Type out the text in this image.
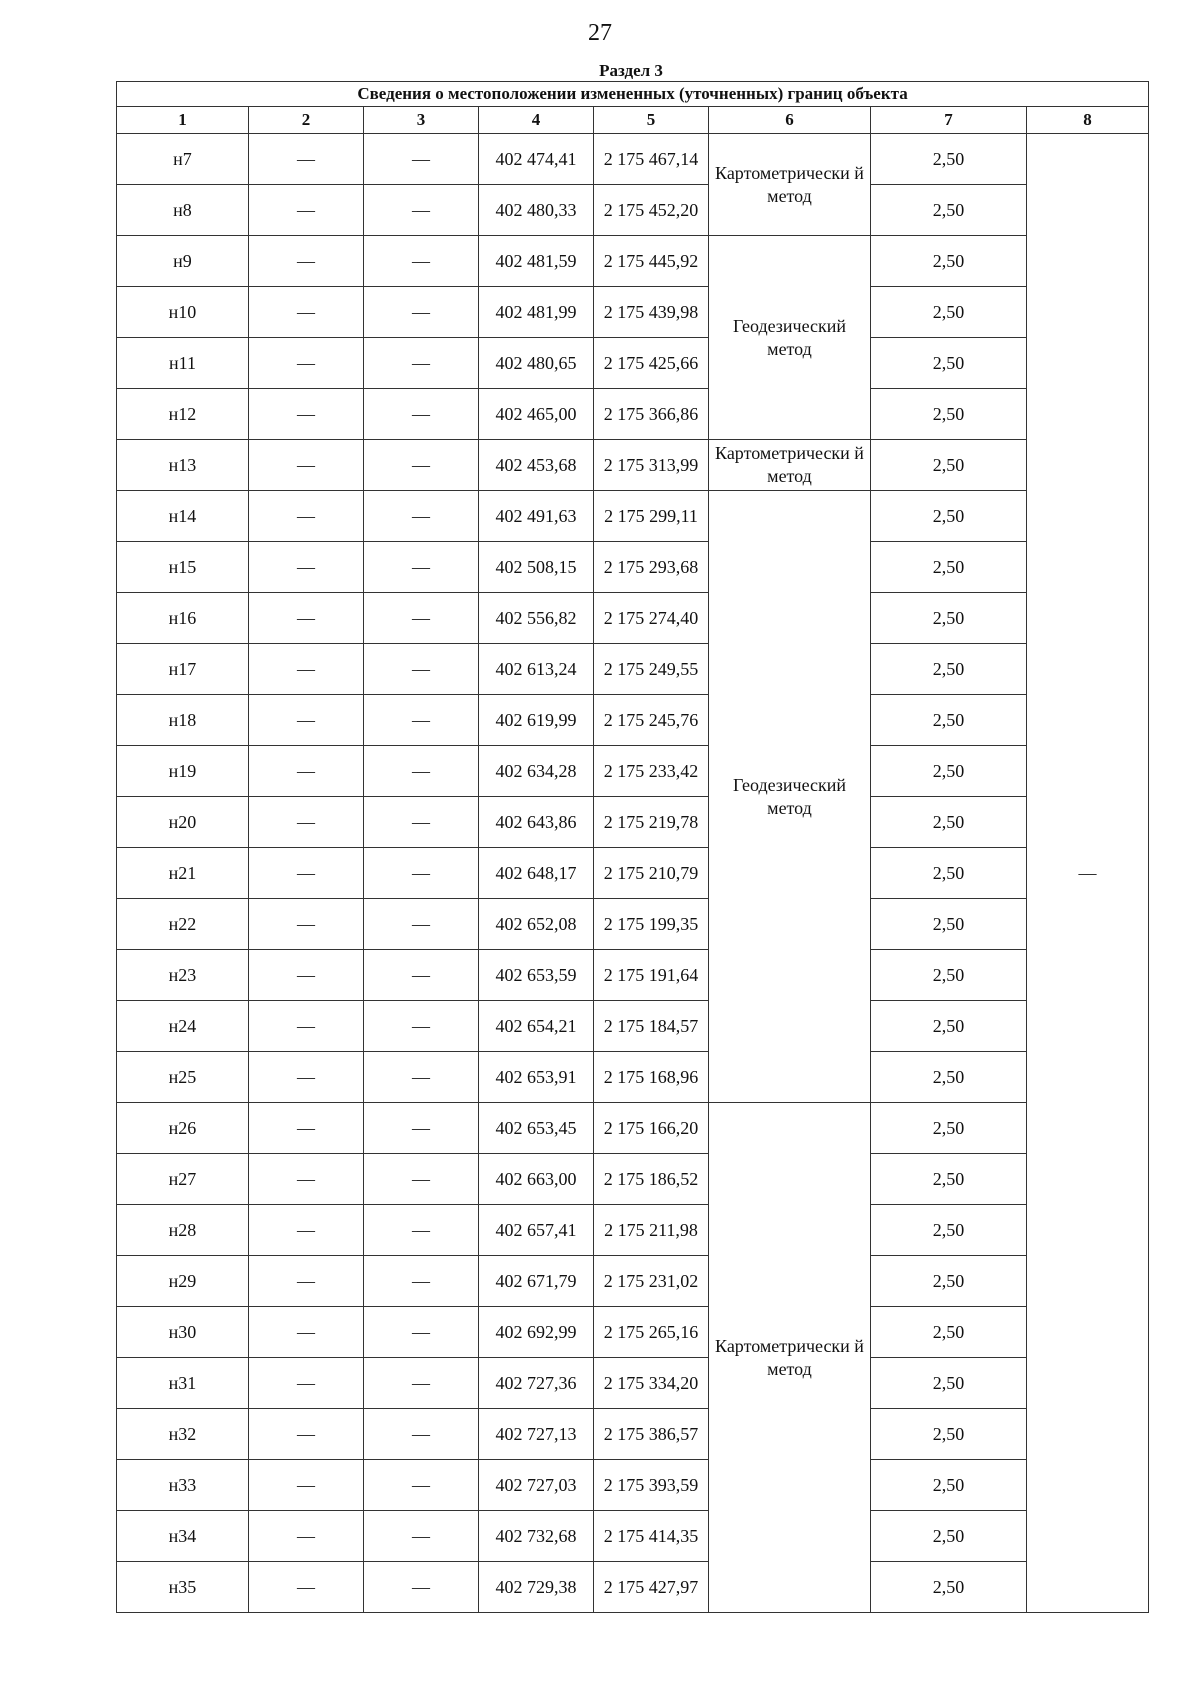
27
Раздел 3
Сведения о местоположении измененных (уточненных) границ объекта							
1	2	3	4	5	6	7	8
н7	—	—	402 474,41	2 175 467,14	Картометрически й метод	2,50	—
н8	—	—	402 480,33	2 175 452,20		2,50	
н9	—	—	402 481,59	2 175 445,92	Геодезический метод	2,50	
н10	—	—	402 481,99	2 175 439,98		2,50	
н11	—	—	402 480,65	2 175 425,66		2,50	
н12	—	—	402 465,00	2 175 366,86		2,50	
н13	—	—	402 453,68	2 175 313,99	Картометрически й метод	2,50	
н14	—	—	402 491,63	2 175 299,11	Геодезический метод	2,50	
н15	—	—	402 508,15	2 175 293,68		2,50	
н16	—	—	402 556,82	2 175 274,40		2,50	
н17	—	—	402 613,24	2 175 249,55		2,50	
н18	—	—	402 619,99	2 175 245,76		2,50	
н19	—	—	402 634,28	2 175 233,42		2,50	
н20	—	—	402 643,86	2 175 219,78		2,50	
н21	—	—	402 648,17	2 175 210,79		2,50	
н22	—	—	402 652,08	2 175 199,35		2,50	
н23	—	—	402 653,59	2 175 191,64		2,50	
н24	—	—	402 654,21	2 175 184,57		2,50	
н25	—	—	402 653,91	2 175 168,96		2,50	
н26	—	—	402 653,45	2 175 166,20	Картометрически й метод	2,50	
н27	—	—	402 663,00	2 175 186,52		2,50	
н28	—	—	402 657,41	2 175 211,98		2,50	
н29	—	—	402 671,79	2 175 231,02		2,50	
н30	—	—	402 692,99	2 175 265,16		2,50	
н31	—	—	402 727,36	2 175 334,20		2,50	
н32	—	—	402 727,13	2 175 386,57		2,50	
н33	—	—	402 727,03	2 175 393,59		2,50	
н34	—	—	402 732,68	2 175 414,35		2,50	
н35	—	—	402 729,38	2 175 427,97		2,50	
